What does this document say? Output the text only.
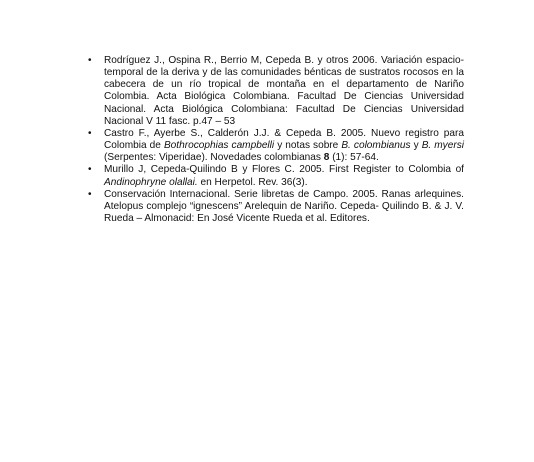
• Rodríguez J., Ospina R., Berrio M, Cepeda B. y otros 2006. Variación espacio-temporal de la deriva y de las comunidades bénticas de sustratos rocosos en la cabecera de un río tropical de montaña en el departamento de Nariño Colombia. Acta Biológica Colombiana. Facultad De Ciencias Universidad Nacional. Acta Biológica Colombiana: Facultad De Ciencias Universidad Nacional V 11 fasc. p.47 – 53
• Castro F., Ayerbe S., Calderón J.J. & Cepeda B. 2005. Nuevo registro para Colombia de Bothrocophias campbelli y notas sobre B. colombianus y B. myersi (Serpentes: Viperidae). Novedades colombianas 8 (1): 57-64.
• Murillo J, Cepeda-Quilindo B y Flores C. 2005. First Register to Colombia of Andinophryne olallai. en Herpetol. Rev. 36(3).
• Conservación Internacional. Serie libretas de Campo. 2005. Ranas arlequines. Atelopus complejo “ignescens” Arelequin de Nariño. Cepeda- Quilindo B. & J. V. Rueda – Almonacid: En José Vicente Rueda et al. Editores.
